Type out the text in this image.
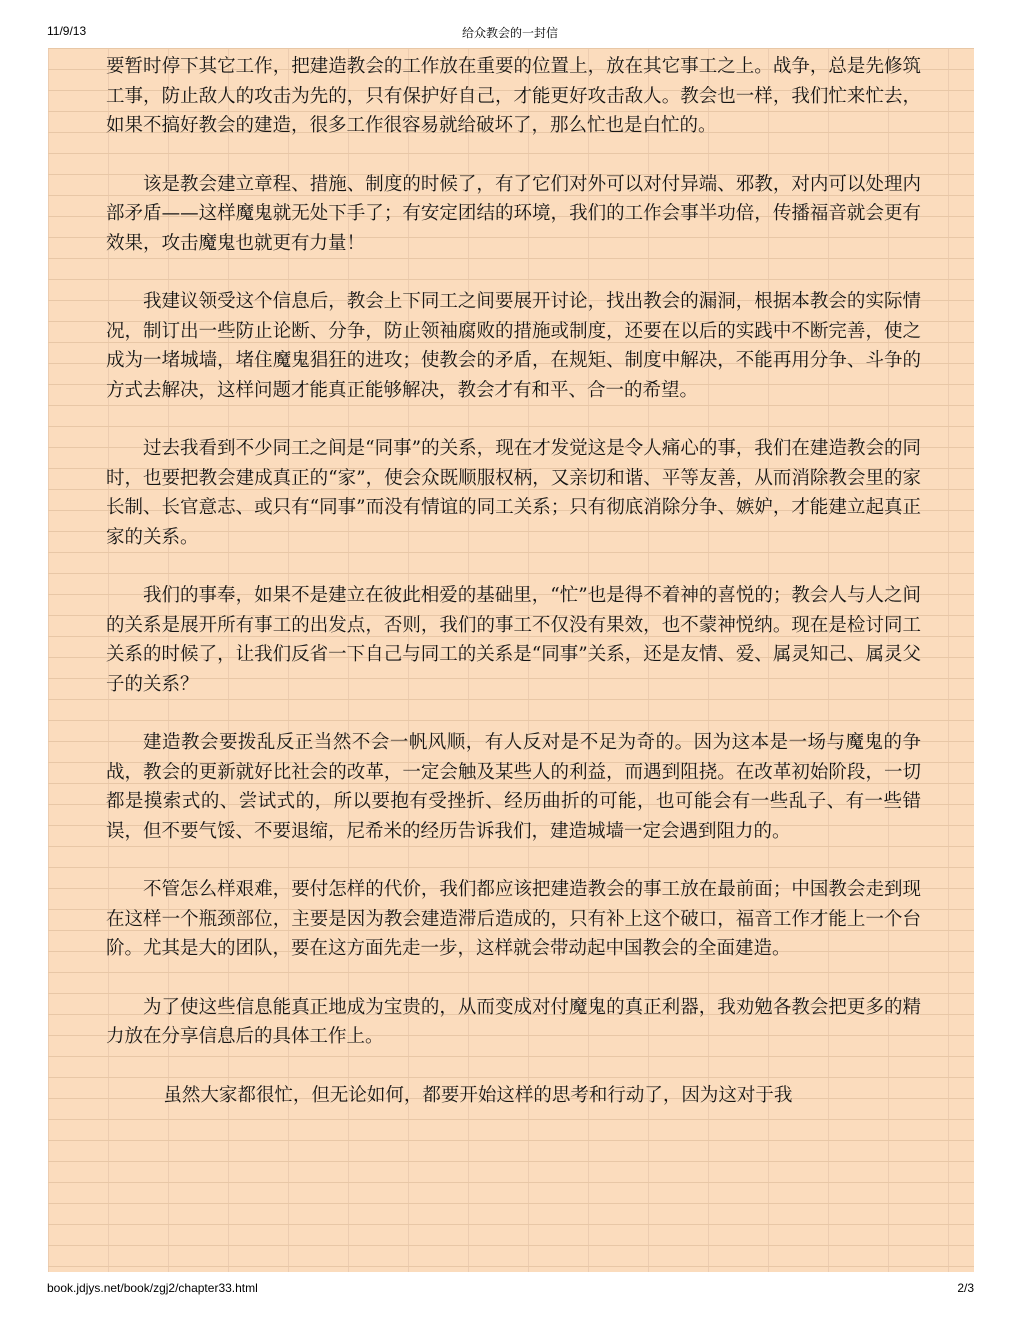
11/9/13	给众教会的一封信

要暂时停下其它工作，把建造教会的工作放在重要的位置上，放在其它事工之上。战争，总是先修筑工事，防止敌人的攻击为先的，只有保护好自己，才能更好攻击敌人。教会也一样，我们忙来忙去，如果不搞好教会的建造，很多工作很容易就给破坏了，那么忙也是白忙的。

该是教会建立章程、措施、制度的时候了，有了它们对外可以对付异端、邪教，对内可以处理内部矛盾——这样魔鬼就无处下手了；有安定团结的环境，我们的工作会事半功倍，传播福音就会更有效果，攻击魔鬼也就更有力量！

我建议领受这个信息后，教会上下同工之间要展开讨论，找出教会的漏洞，根据本教会的实际情况，制订出一些防止论断、分争，防止领袖腐败的措施或制度，还要在以后的实践中不断完善，使之成为一堵城墙，堵住魔鬼猖狂的进攻；使教会的矛盾，在规矩、制度中解决，不能再用分争、斗争的方式去解决，这样问题才能真正能够解决，教会才有和平、合一的希望。

过去我看到不少同工之间是“同事”的关系，现在才发觉这是令人痛心的事，我们在建造教会的同时，也要把教会建成真正的“家”，使会众既顺服权柄，又亲切和谐、平等友善，从而消除教会里的家长制、长官意志、或只有“同事”而没有情谊的同工关系；只有彻底消除分争、嫉妒，才能建立起真正家的关系。

我们的事奉，如果不是建立在彼此相爱的基础里，“忙”也是得不着神的喜悦的；教会人与人之间的关系是展开所有事工的出发点，否则，我们的事工不仅没有果效，也不蒙神悦纳。现在是检讨同工关系的时候了，让我们反省一下自己与同工的关系是“同事”关系，还是友情、爱、属灵知己、属灵父子的关系？

建造教会要拨乱反正当然不会一帆风顺，有人反对是不足为奇的。因为这本是一场与魔鬼的争战，教会的更新就好比社会的改革，一定会触及某些人的利益，而遇到阻挠。在改革初始阶段，一切都是摸索式的、尝试式的，所以要抱有受挫折、经历曲折的可能，也可能会有一些乱子、有一些错误，但不要气馁、不要退缩，尼希米的经历告诉我们，建造城墙一定会遇到阻力的。

不管怎么样艰难，要付怎样的代价，我们都应该把建造教会的事工放在最前面；中国教会走到现在这样一个瓶颈部位，主要是因为教会建造滞后造成的，只有补上这个破口，福音工作才能上一个台阶。尤其是大的团队，要在这方面先走一步，这样就会带动起中国教会的全面建造。

为了使这些信息能真正地成为宝贵的，从而变成对付魔鬼的真正利器，我劝勉各教会把更多的精力放在分享信息后的具体工作上。

虽然大家都很忙，但无论如何，都要开始这样的思考和行动了，因为这对于我

book.jdjys.net/book/zgj2/chapter33.html	2/3
